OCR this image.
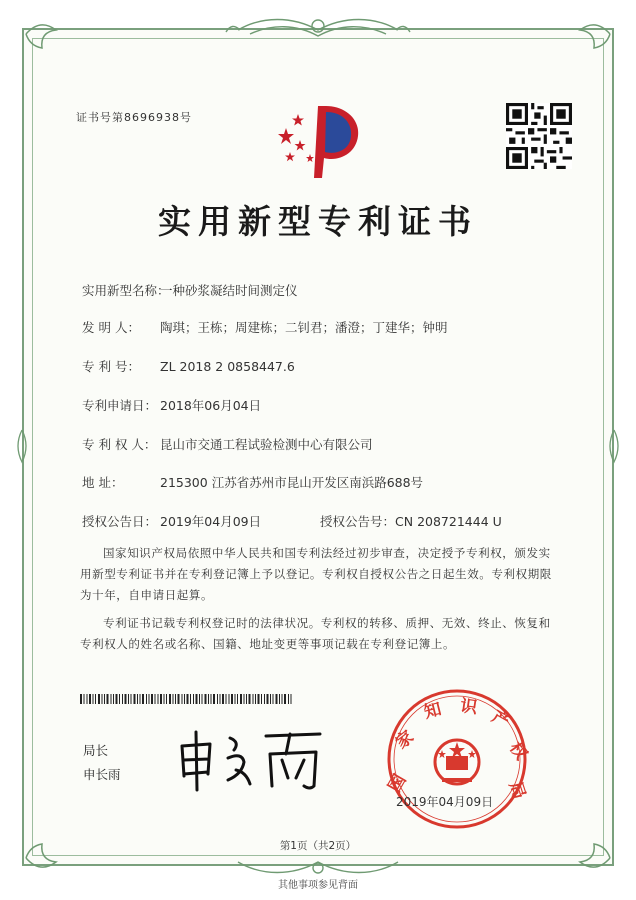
证书号第8696938号
实用新型专利证书
实用新型名称：一种砂浆凝结时间测定仪
发 明 人： 陶琪；王栋；周建栋；二钊君；潘澄；丁建华；钟明
专 利 号： ZL 2018 2 0858447.6
专利申请日： 2018年06月04日
专 利 权 人： 昆山市交通工程试验检测中心有限公司
地 址：	215300 江苏省苏州市昆山开发区南浜路688号
授权公告日： 2019年04月09日	授权公告号：CN 208721444 U
国家知识产权局依照中华人民共和国专利法经过初步审查，决定授予专利权，颁发实用新型专利证书并在专利登记簿上予以登记。专利权自授权公告之日起生效。专利权期限为十年，自申请日起算。
专利证书记载专利权登记时的法律状况。专利权的转移、质押、无效、终止、恢复和专利权人的姓名或名称、国籍、地址变更等事项记载在专利登记簿上。
局长
申长雨	国
家
知 识 产
权
局
2019年04月09日
第1页（共2页）
其他事项参见背面
